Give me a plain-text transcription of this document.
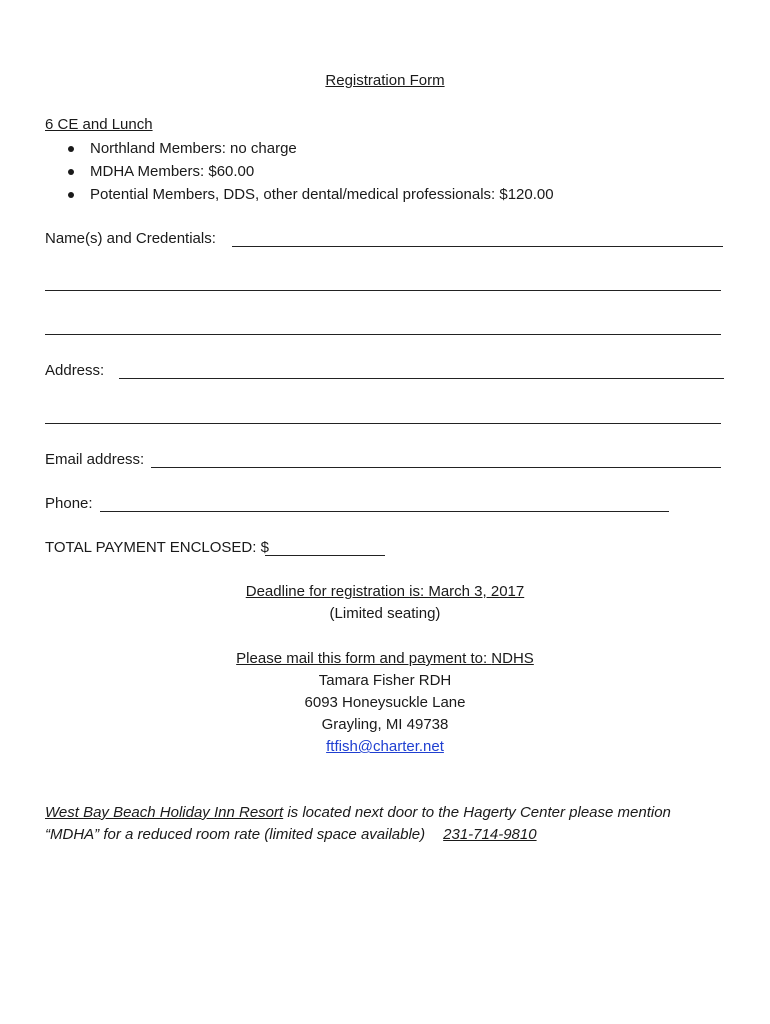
Registration Form
6 CE and Lunch
Northland Members: no charge
MDHA Members: $60.00
Potential Members, DDS, other dental/medical professionals: $120.00
Name(s) and Credentials:
Address:
Email address:
Phone:
TOTAL PAYMENT ENCLOSED: $
Deadline for registration is: March 3, 2017
(Limited seating)
Please mail this form and payment to: NDHS
Tamara Fisher RDH
6093 Honeysuckle Lane
Grayling, MI 49738
ftfish@charter.net
West Bay Beach Holiday Inn Resort is located next door to the Hagerty Center please mention
“MDHA” for a reduced room rate (limited space available) 231-714-9810
